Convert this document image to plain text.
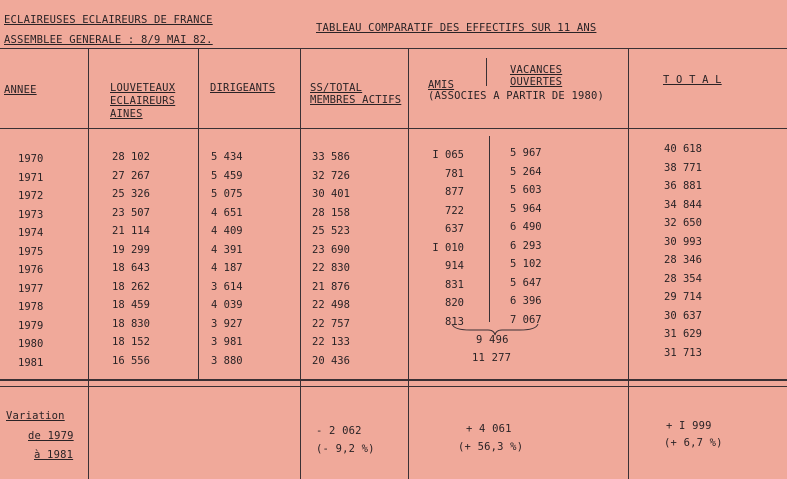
ECLAIREUSES ECLAIREURS DE FRANCE
ASSEMBLEE GENERALE : 8/9 MAI 82.
TABLEAU COMPARATIF DES EFFECTIFS SUR 11 ANS
ANNEE	LOUVETEAUX
ECLAIREURS
AINES
DIRIGEANTS	SS/TOTAL
MEMBRES ACTIFS
AMIS
VACANCES
OUVERTES
(ASSOCIES A PARTIR DE 1980)
T O T A L
1970
1971
1972
1973
1974
1975
1976
1977
1978
1979
1980
1981
28 102
27 267
25 326
23 507
21 114
19 299
18 643
18 262
18 459
18 830
18 152
16 556
5 434
5 459
5 075
4 651
4 409
4 391
4 187
3 614
4 039
3 927
3 981
3 880
33 586
32 726
30 401
28 158
25 523
23 690
22 830
21 876
22 498
22 757
22 133
20 436
I 065
781
877
722
637
I 010
914
831
820
813
5 967
5 264
5 603
5 964
6 490
6 293
5 102
5 647
6 396
7 067
9 496
11 277
40 618
38 771
36 881
34 844
32 650
30 993
28 346
28 354
29 714
30 637
31 629
31 713
Variation
de 1979
à 1981
- 2 062
(- 9,2 %)
+ 4 061
(+ 56,3 %)
+ I 999
(+ 6,7 %)
